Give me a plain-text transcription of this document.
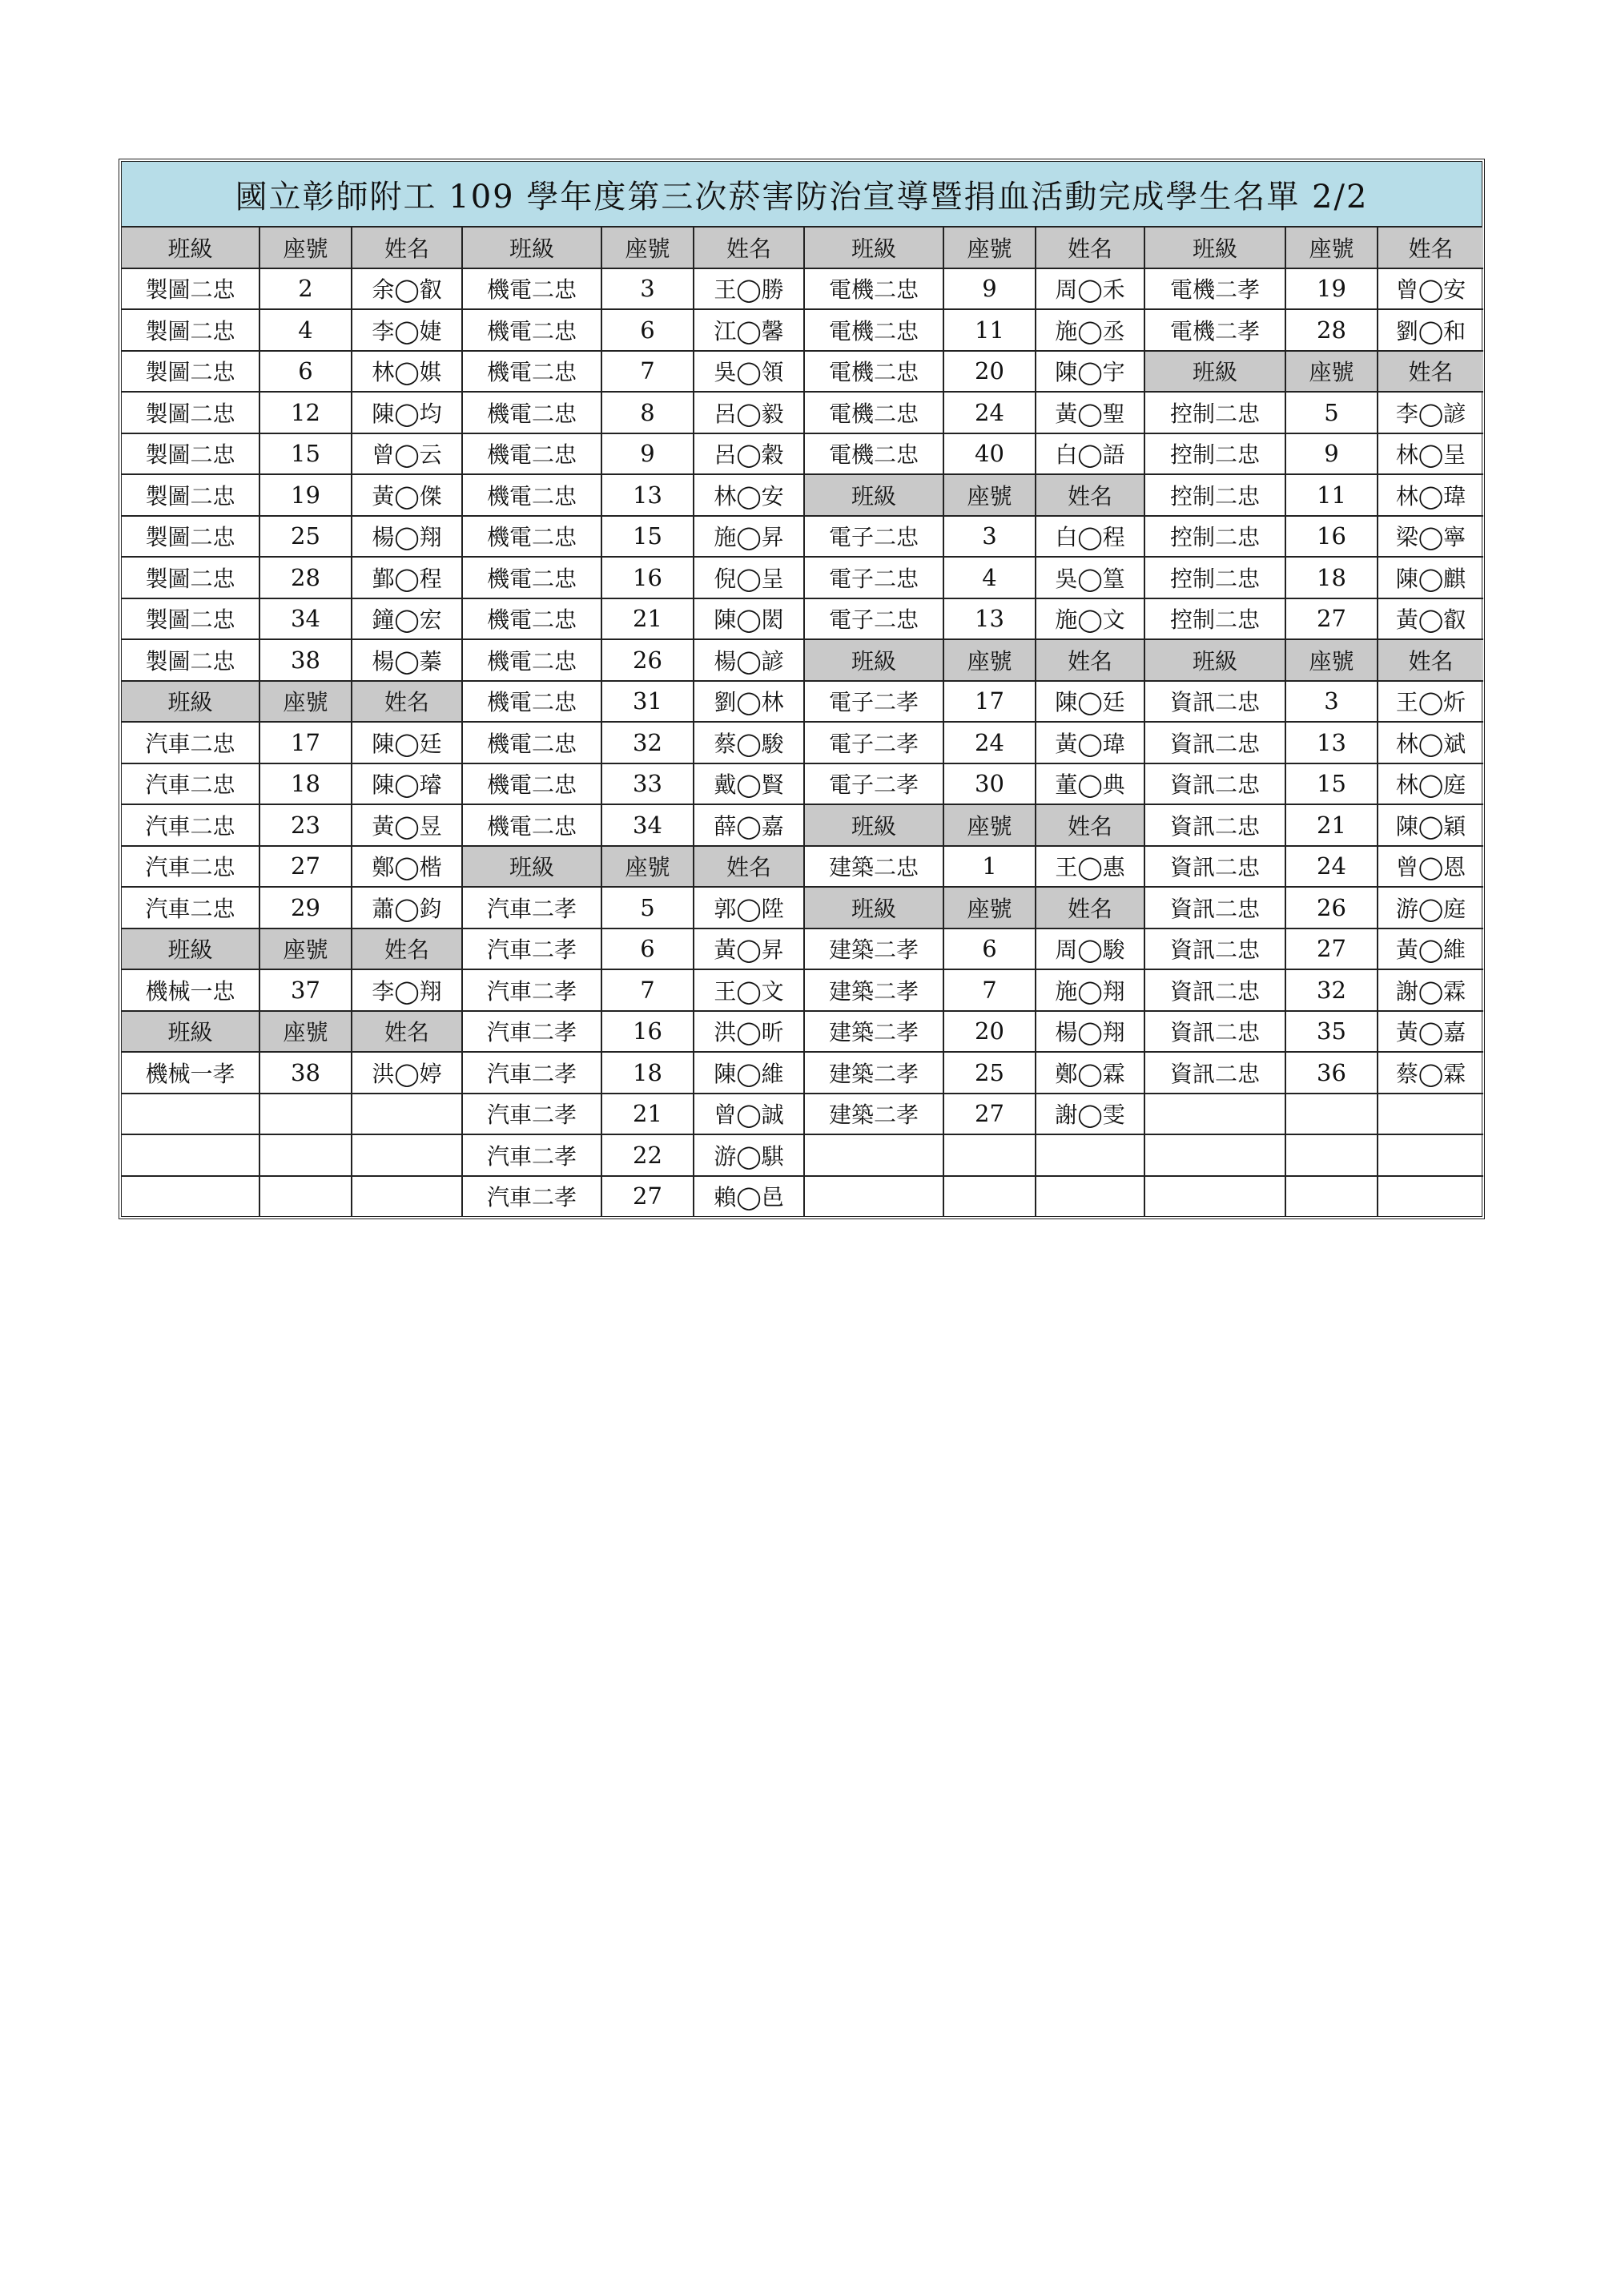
國立彰師附工 109 學年度第三次菸害防治宣導暨捐血活動完成學生名單 2/2
班級	座號	姓名	班級	座號	姓名	班級	座號	姓名	班級	座號	姓名
製圖二忠	2	余◯叡	機電二忠	3	王◯勝	電機二忠	9	周◯禾	電機二孝	19	曾◯安
製圖二忠	4	李◯婕	機電二忠	6	江◯馨	電機二忠	11	施◯丞	電機二孝	28	劉◯和
製圖二忠	6	林◯娸	機電二忠	7	吳◯領	電機二忠	20	陳◯宇	班級	座號	姓名
製圖二忠	12	陳◯均	機電二忠	8	呂◯毅	電機二忠	24	黃◯聖	控制二忠	5	李◯諺
製圖二忠	15	曾◯云	機電二忠	9	呂◯穀	電機二忠	40	白◯語	控制二忠	9	林◯呈
製圖二忠	19	黃◯傑	機電二忠	13	林◯安	班級	座號	姓名	控制二忠	11	林◯瑋
製圖二忠	25	楊◯翔	機電二忠	15	施◯昇	電子二忠	3	白◯程	控制二忠	16	梁◯寧
製圖二忠	28	鄞◯程	機電二忠	16	倪◯呈	電子二忠	4	吳◯篁	控制二忠	18	陳◯麒
製圖二忠	34	鐘◯宏	機電二忠	21	陳◯閎	電子二忠	13	施◯文	控制二忠	27	黃◯叡
製圖二忠	38	楊◯蓁	機電二忠	26	楊◯諺	班級	座號	姓名	班級	座號	姓名
班級	座號	姓名	機電二忠	31	劉◯林	電子二孝	17	陳◯廷	資訊二忠	3	王◯炘
汽車二忠	17	陳◯廷	機電二忠	32	蔡◯駿	電子二孝	24	黃◯瑋	資訊二忠	13	林◯斌
汽車二忠	18	陳◯璿	機電二忠	33	戴◯賢	電子二孝	30	董◯典	資訊二忠	15	林◯庭
汽車二忠	23	黃◯昱	機電二忠	34	薛◯嘉	班級	座號	姓名	資訊二忠	21	陳◯穎
汽車二忠	27	鄭◯楷	班級	座號	姓名	建築二忠	1	王◯惠	資訊二忠	24	曾◯恩
汽車二忠	29	蕭◯鈞	汽車二孝	5	郭◯陞	班級	座號	姓名	資訊二忠	26	游◯庭
班級	座號	姓名	汽車二孝	6	黃◯昇	建築二孝	6	周◯駿	資訊二忠	27	黃◯維
機械一忠	37	李◯翔	汽車二孝	7	王◯文	建築二孝	7	施◯翔	資訊二忠	32	謝◯霖
班級	座號	姓名	汽車二孝	16	洪◯昕	建築二孝	20	楊◯翔	資訊二忠	35	黃◯嘉
機械一孝	38	洪◯婷	汽車二孝	18	陳◯維	建築二孝	25	鄭◯霖	資訊二忠	36	蔡◯霖
			汽車二孝	21	曾◯誠	建築二孝	27	謝◯雯			
			汽車二孝	22	游◯騏						
			汽車二孝	27	賴◯邑						
